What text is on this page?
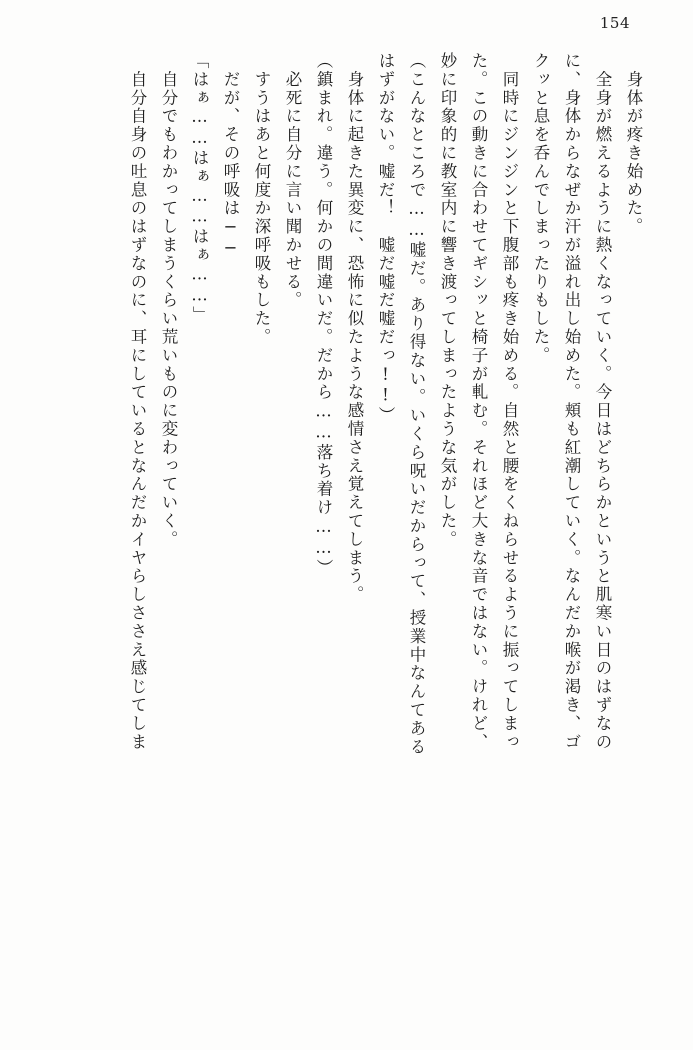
154
　身体が疼き始めた。
　全身が燃えるように熱くなっていく。今日はどちらかというと肌寒い日のはずなの
に、身体からなぜか汗が溢れ出し始めた。頬も紅潮していく。なんだか喉が渇き、ゴ
クッと息を呑んでしまったりもした。
　同時にジンジンと下腹部も疼き始める。自然と腰をくねらせるように振ってしまっ
た。この動きに合わせてギシッと椅子が軋む。それほど大きな音ではない。けれど、
妙に印象的に教室内に響き渡ってしまったような気がした。
（こんなところで……嘘だ。あり得ない。いくら呪いだからって、授業中なんてある
はずがない。嘘だ！　嘘だ嘘だ嘘だっ!!）
　身体に起きた異変に、恐怖に似たような感情さえ覚えてしまう。
（鎮まれ。違う。何かの間違いだ。だから……落ち着け……）
　必死に自分に言い聞かせる。
　すうはあと何度か深呼吸もした。
　だが、その呼吸は──
「はぁ……はぁ……はぁ……」
　自分でもわかってしまうくらい荒いものに変わっていく。
　自分自身の吐息のはずなのに、耳にしているとなんだかイヤらしささえ感じてしま
